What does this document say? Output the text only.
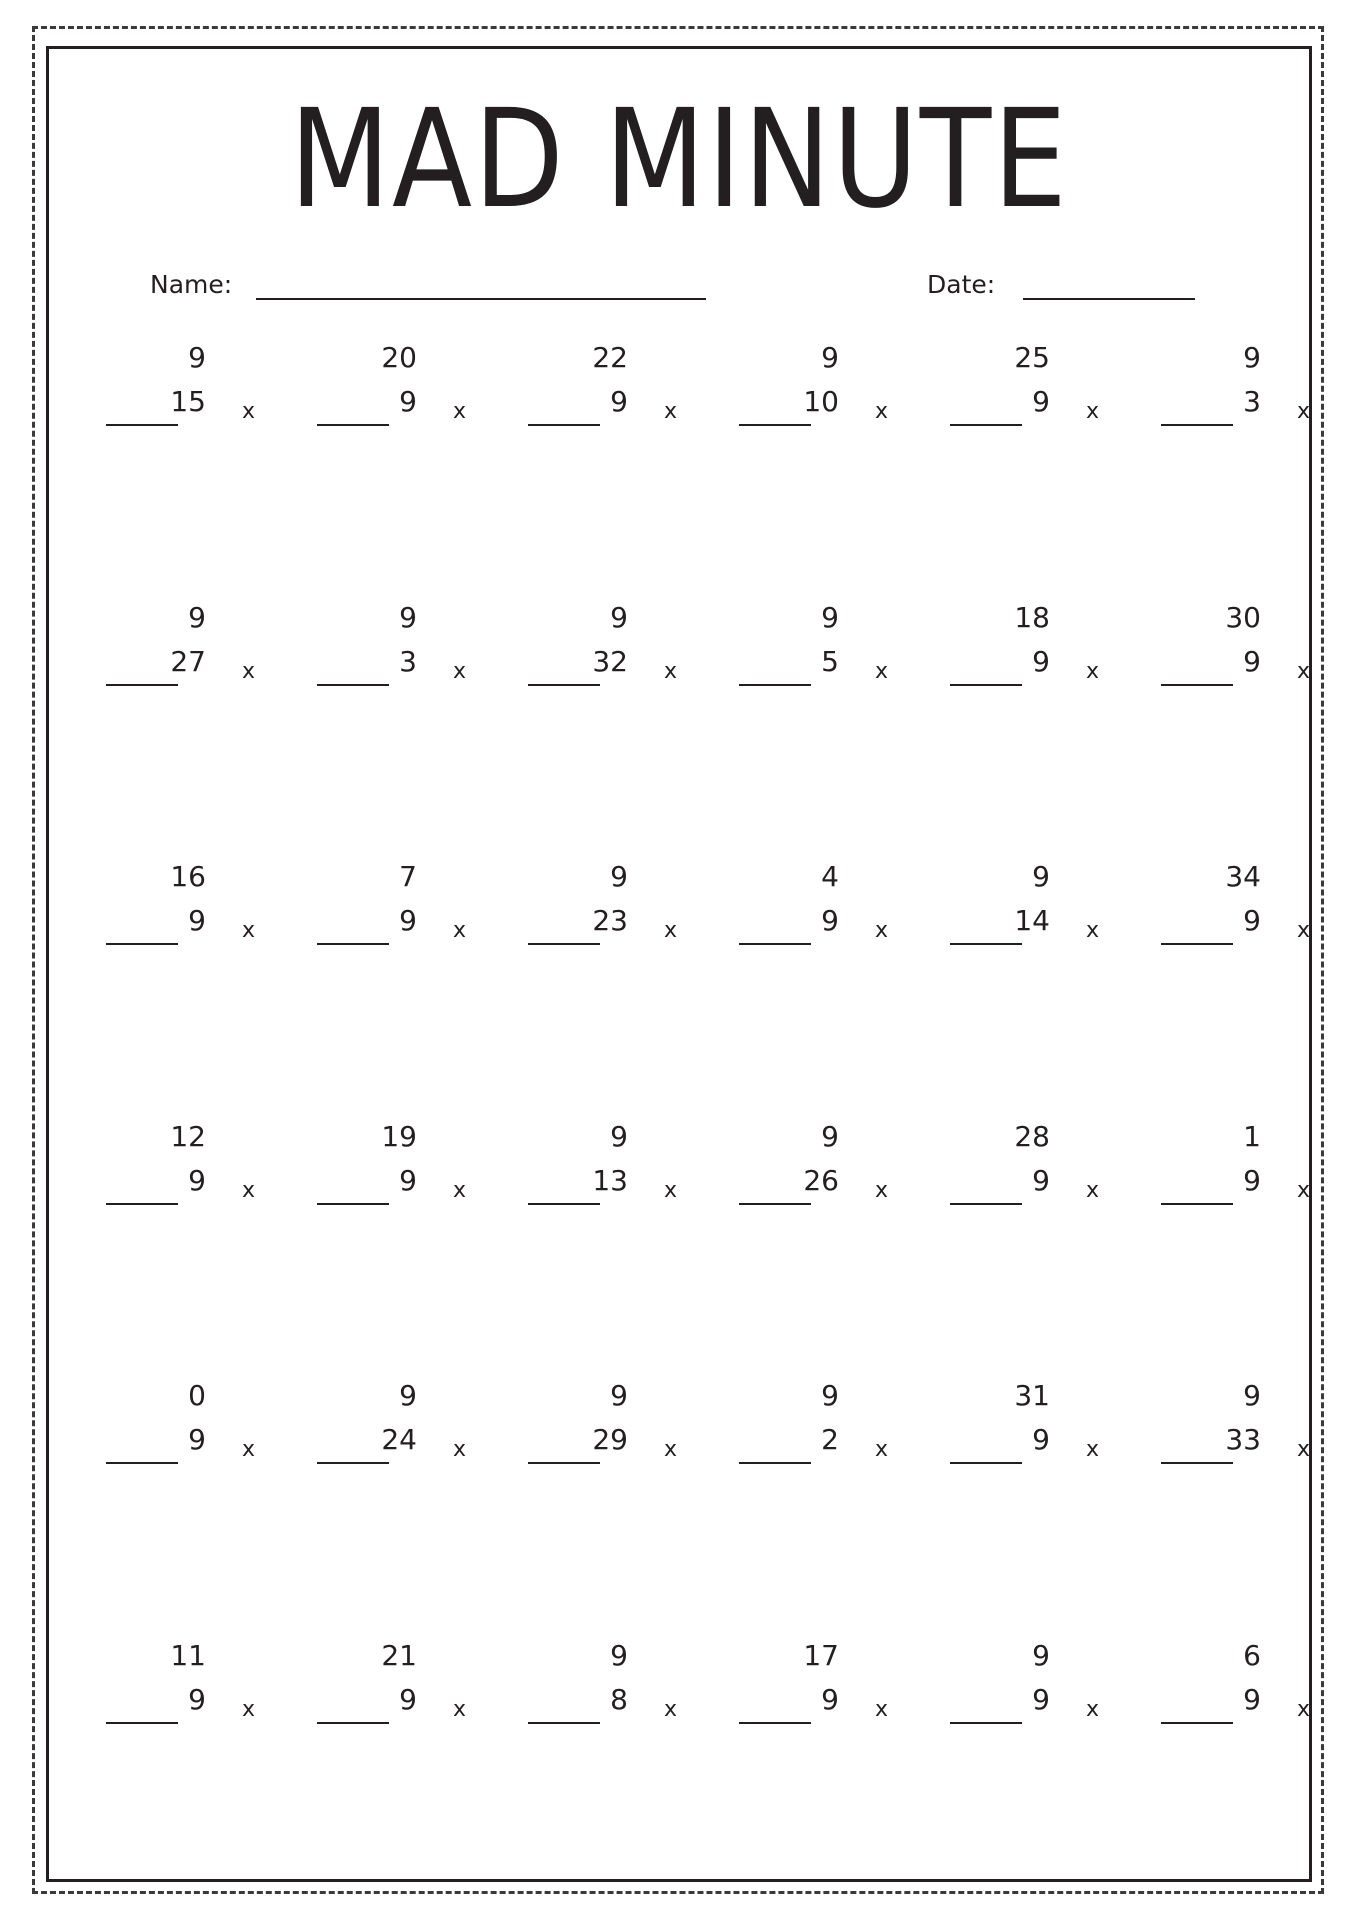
MAD MINUTE
Name:	Date:
9
15 x
20
9 x
22
9 x
9
10 x
25
9 x
9
3 x
9
27 x
9
3 x
9
32 x
9
5 x
18
9 x
30
9 x
16
9 x
7
9 x
9
23 x
4
9 x
9
14 x
34
9 x
12
9 x
19
9 x
9
13 x
9
26 x
28
9 x
1
9 x
0
9 x
9
24 x
9
29 x
9
2 x
31
9 x
9
33 x
11
9 x
21
9 x
9
8 x
17
9 x
9
9 x
6
9 x
